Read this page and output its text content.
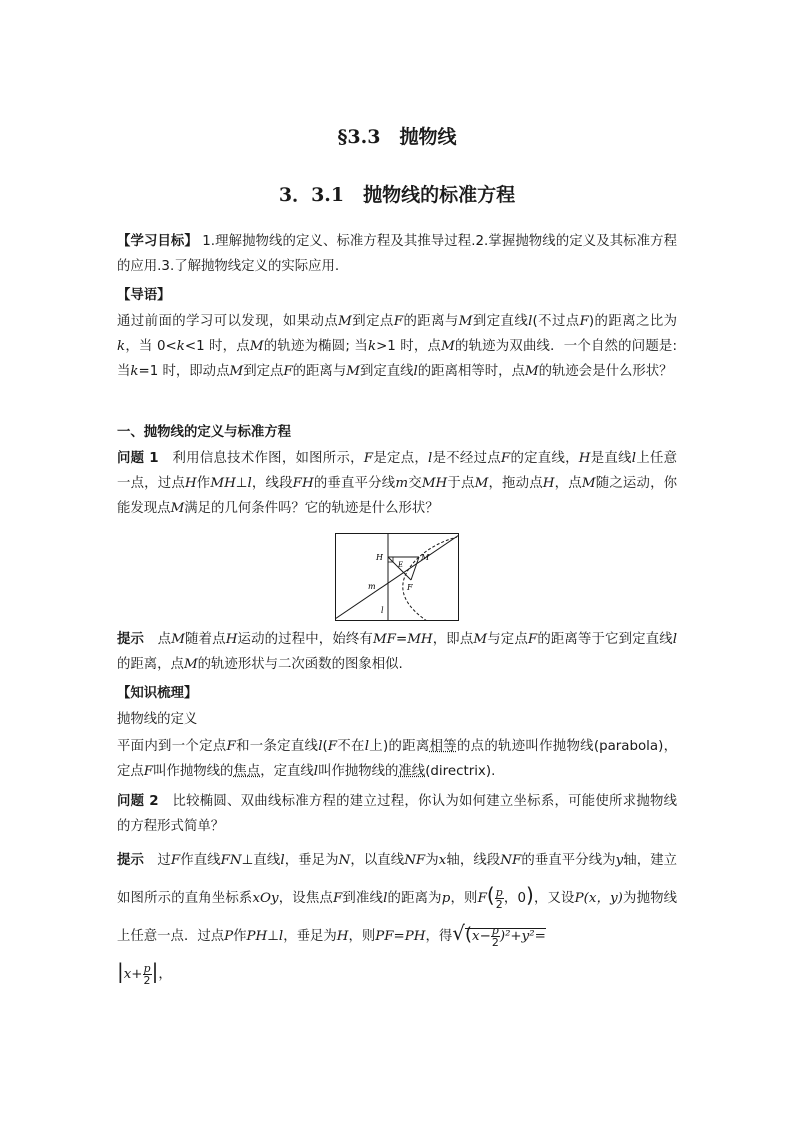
§3.3　抛物线
3．3.1　抛物线的标准方程
【学习目标】 1.理解抛物线的定义、标准方程及其推导过程.2.掌握抛物线的定义及其标准方程的应用.3.了解抛物线定义的实际应用.
【导语】
通过前面的学习可以发现，如果动点M到定点F的距离与M到定直线l(不过点F)的距离之比为k，当 0<k<1 时，点M的轨迹为椭圆; 当k>1 时，点M的轨迹为双曲线．一个自然的问题是: 当k=1 时，即动点M到定点F的距离与M到定直线l的距离相等时，点M的轨迹会是什么形状？
一、抛物线的定义与标准方程
问题 1　 利用信息技术作图，如图所示，F是定点，l是不经过点F的定直线，H是直线l上任意一点，过点H作MH⊥l，线段FH的垂直平分线m交MH于点M，拖动点H，点M随之运动，你能发现点M满足的几何条件吗？它的轨迹是什么形状？
H
E
M
F
m
l
提示　 点M随着点H运动的过程中，始终有MF=MH，即点M与定点F的距离等于它到定直线l的距离，点M的轨迹形状与二次函数的图象相似.
【知识梳理】
抛物线的定义
平面内到一个定点F和一条定直线l(F不在l上)的距离相等的点的轨迹叫作抛物线(parabola)，定点F叫作抛物线的焦点，定直线l叫作抛物线的准线(directrix).
问题 2　 比较椭圆、双曲线标准方程的建立过程，你认为如何建立坐标系，可能使所求抛物线的方程形式简单？
提示　 过F作直线FN⊥直线l，垂足为N，以直线NF为x轴，线段NF的垂直平分线为y轴，建立如图所示的直角坐标系xOy，设焦点F到准线l的距离为p，则$F( \frac{p}{2}$ ，0)，又设P(x，y)为抛物线上任意一点．过点P作PH⊥l，垂足为H，则PF=PH，得$√(x- \frac{p}{2} )^2+y^2=$
$|x+ \frac{p}{2}$ |，
